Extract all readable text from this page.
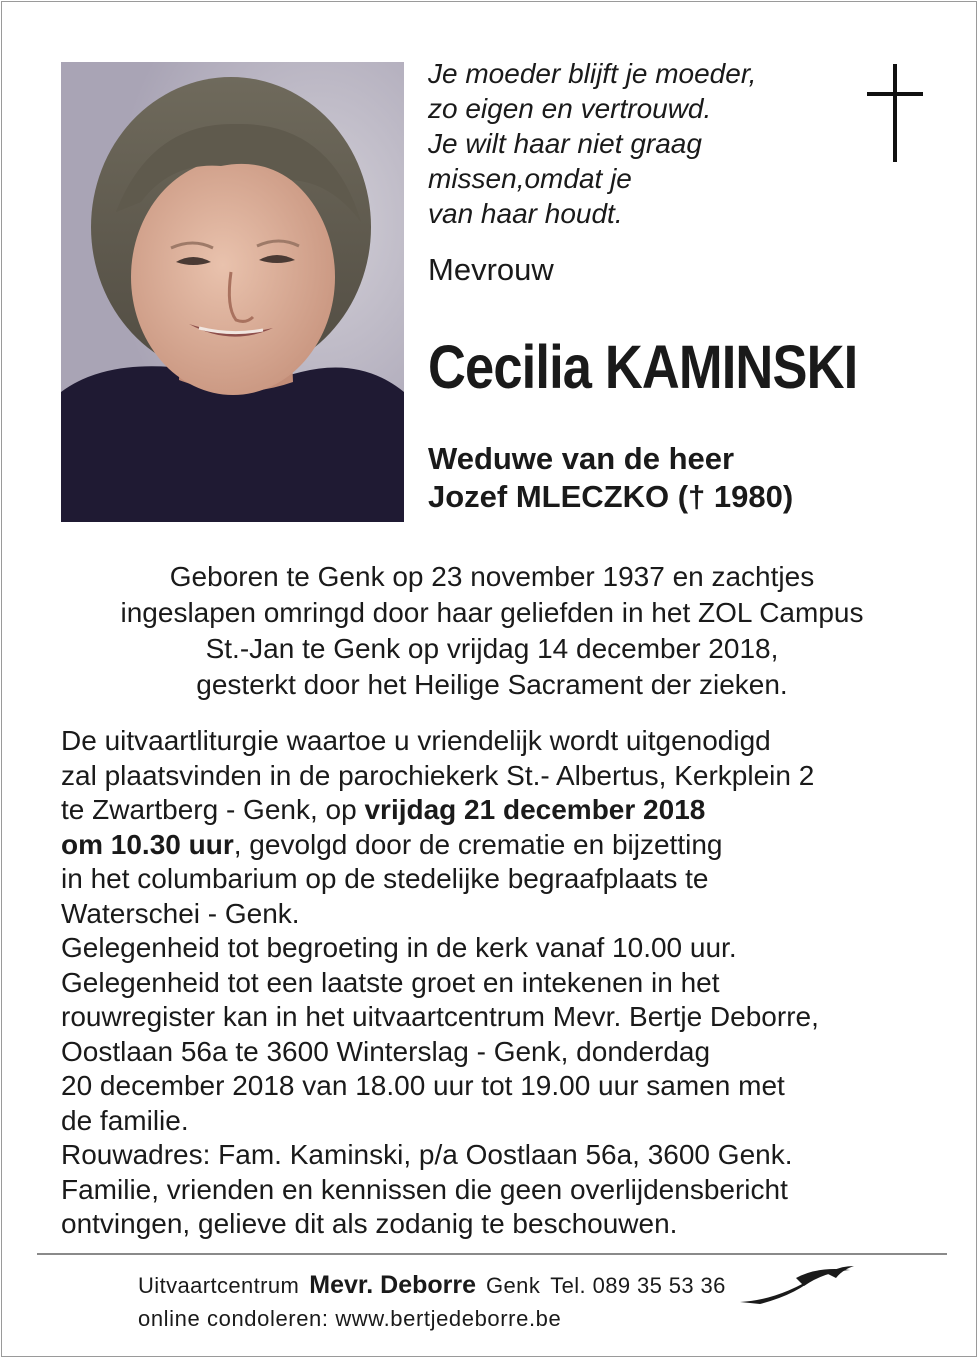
Je moeder blijft je moeder,
zo eigen en vertrouwd.
Je wilt haar niet graag
missen,omdat je
van haar houdt.
Mevrouw
Cecilia KAMINSKI
Weduwe van de heer
Jozef MLECZKO († 1980)
Geboren te Genk op 23 november 1937 en zachtjes
ingeslapen omringd door haar geliefden in het ZOL Campus
St.-Jan te Genk op vrijdag 14 december 2018,
gesterkt door het Heilige Sacrament der zieken.
De uitvaartliturgie waartoe u vriendelijk wordt uitgenodigd
zal plaatsvinden in de parochiekerk St.- Albertus, Kerkplein 2
te Zwartberg - Genk, op vrijdag 21 december 2018
om 10.30 uur, gevolgd door de crematie en bijzetting
in het columbarium op de stedelijke begraafplaats te
Waterschei - Genk.
Gelegenheid tot begroeting in de kerk vanaf 10.00 uur.
Gelegenheid tot een laatste groet en intekenen in het
rouwregister kan in het uitvaartcentrum Mevr. Bertje Deborre,
Oostlaan 56a te 3600 Winterslag - Genk, donderdag
20 december 2018 van 18.00 uur tot 19.00 uur samen met
de familie.
Rouwadres: Fam. Kaminski, p/a Oostlaan 56a, 3600 Genk.
Familie, vrienden en kennissen die geen overlijdensbericht
ontvingen, gelieve dit als zodanig te beschouwen.
Uitvaartcentrum Mevr. Deborre Genk Tel. 089 35 53 36
online condoleren: www.bertjedeborre.be
